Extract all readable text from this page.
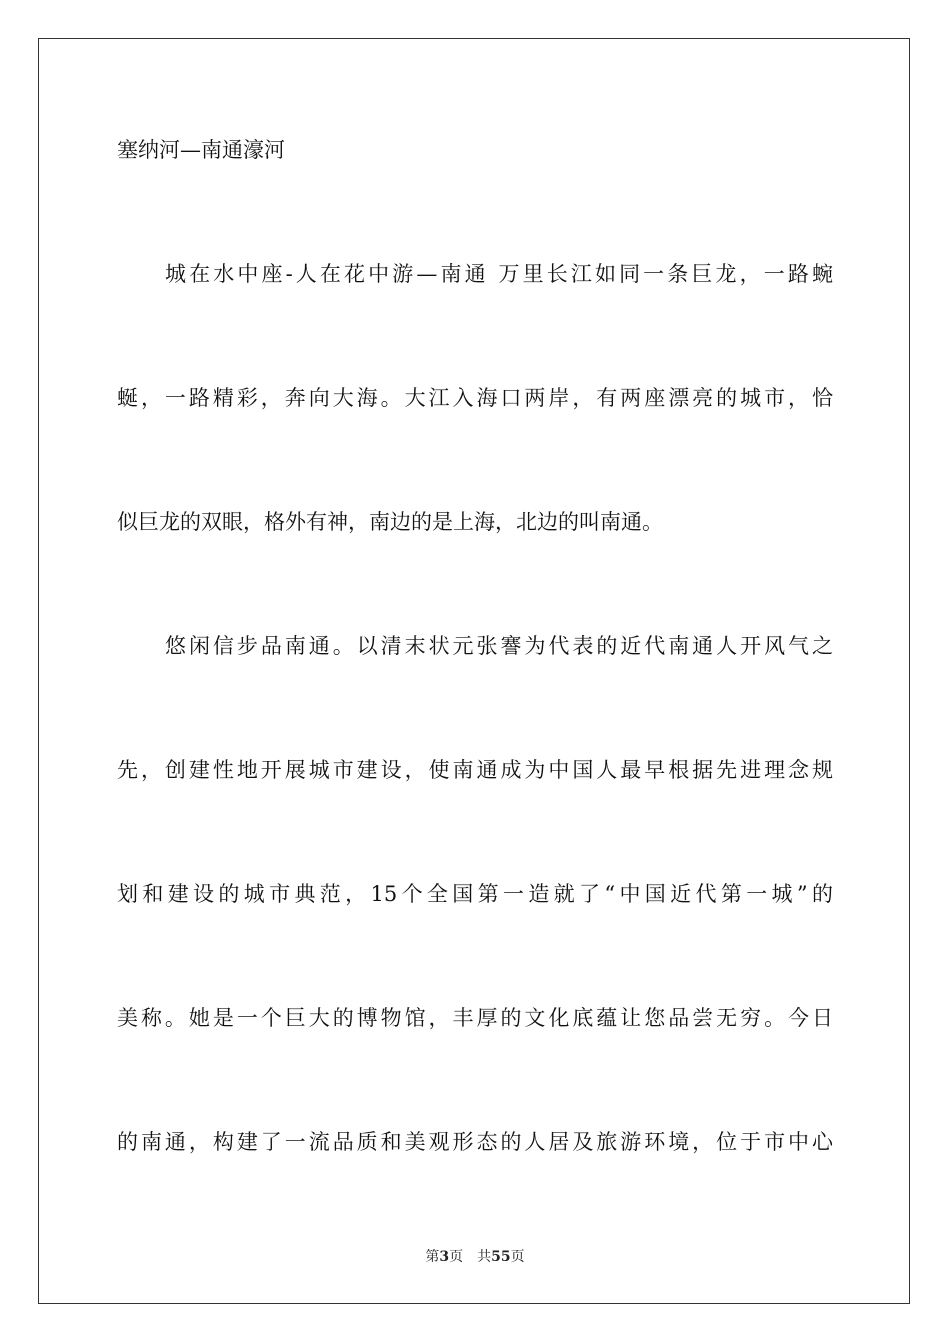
塞纳河—南通濠河
城在水中座-人在花中游—南通 万里长江如同一条巨龙，一路蜿
蜒，一路精彩，奔向大海。大江入海口两岸，有两座漂亮的城市，恰
似巨龙的双眼，格外有神，南边的是上海，北边的叫南通。
悠闲信步品南通。以清末状元张謇为代表的近代南通人开风气之
先，创建性地开展城市建设，使南通成为中国人最早根据先进理念规
划和建设的城市典范，15个全国第一造就了“中国近代第一城”的
美称。她是一个巨大的博物馆，丰厚的文化底蕴让您品尝无穷。今日
的南通，构建了一流品质和美观形态的人居及旅游环境，位于市中心
第3页 共55页
